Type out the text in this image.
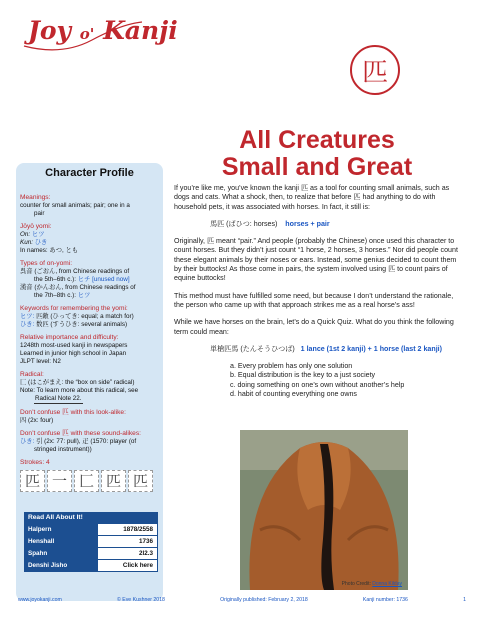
Joy o' Kanji
匹
All Creatures
Small and Great
Character Profile
Meanings:
counter for small animals; pair; one in a
pair
Jōyō yomi:
On: ヒツ
Kun: ひき
In names: あつ, とも
Types of on-yomi:
呉音 (ごおん, from Chinese readings of
the 5th–6th c.): ヒチ [unused now]
漢音 (かんおん, from Chinese readings of
the 7th–8th c.): ヒツ
Keywords for remembering the yomi:
ヒツ: 匹敵 (ひってき: equal; a match for)
ひき: 数匹 (すうひき: several animals)
Relative importance and difficulty:
1248th most-used kanji in newspapers
Learned in junior high school in Japan
JLPT level: N2
Radical:
匚 (はこがまえ: the “box on side” radical)
Note: To learn more about this radical, see
Radical Note 22.
Don’t confuse 匹 with this look-alike:
四 (2x: four)
Don’t confuse 匹 with these sound-alikes:
ひき: 引 (2x: 77: pull), 疋 (1570: player (of
stringed instrument))
Strokes: 4
匹 一 匚 匹 匹
Read All About It!	
Halpern	1878/2558
Henshall	1736
Spahn	2l2.3
Denshi Jisho	Click here

If you’re like me, you’ve known the kanji 匹 as a tool for counting small animals, such as dogs and cats. What a shock, then, to realize that before 匹 had anything to do with household pets, it was associated with horses. In fact, it still is:

馬匹 (ばひつ: horses) horses + pair

Originally, 匹 meant “pair.” And people (probably the Chinese) once used this character to count horses. But they didn’t just count “1 horse, 2 horses, 3 horses.” Nor did people count these elegant animals by their noses or ears. Instead, some genius decided to count them by their buttocks! As those come in pairs, the system involved using 匹 to count pairs of equine buttocks!

This method must have fulfilled some need, but because I don’t understand the rationale, the person who came up with that approach strikes me as a real horse’s ass!

While we have horses on the brain, let’s do a Quick Quiz. What do you think the following term could mean:

単槍匹馬 (たんそうひつば) 1 lance (1st 2 kanji) + 1 horse (last 2 kanji)
a. Every problem has only one solution
b. Equal distribution is the key to a just society
c. doing something on one’s own without another’s help
d. habit of counting everything one owns
Photo Credit: Donna Kilday
www.joyokanji.com	© Eve Kushner 2018	Originally published: February 2, 2018	Kanji number: 1736	1
